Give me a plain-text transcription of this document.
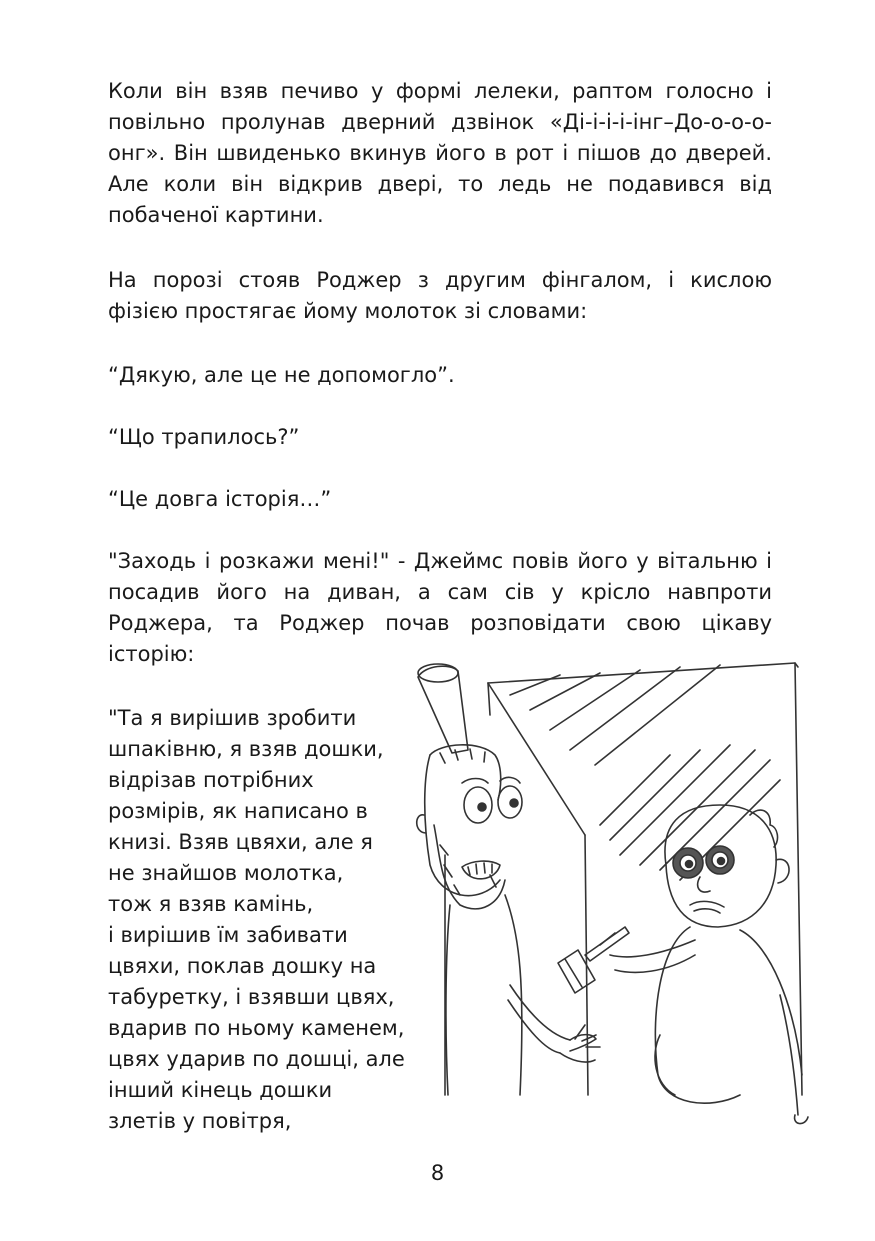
Коли він взяв печиво у формі лелеки, раптом голосно і повільно пролунав дверний дзвінок «Ді-і-і-і-інг–До-о-о-о-онг». Він швиденько вкинув його в рот і пішов до дверей. Але коли він відкрив двері, то ледь не подавився від побаченої картини.

На порозі стояв Роджер з другим фінгалом, і кислою фізією простягає йому молоток зі словами:

“Дякую, але це не допомогло”.

“Що трапилось?”

“Це довга історія…”

"Заходь і розкажи мені!" - Джеймс повів його у вітальню і посадив його на диван, а сам сів у крісло навпроти Роджера, та Роджер почав розповідати свою цікаву історію:

"Та я вирішив зробити
шпаківню, я взяв дошки,
відрізав потрібних
розмірів, як написано в
книзі. Взяв цвяхи, але я
не знайшов молотка,
тож я взяв камінь,
і вирішив їм забивати
цвяхи, поклав дошку на
табуретку, і взявши цвях,
вдарив по ньому каменем,
цвях ударив по дошці, але
інший кінець дошки
злетів у повітря,
8
